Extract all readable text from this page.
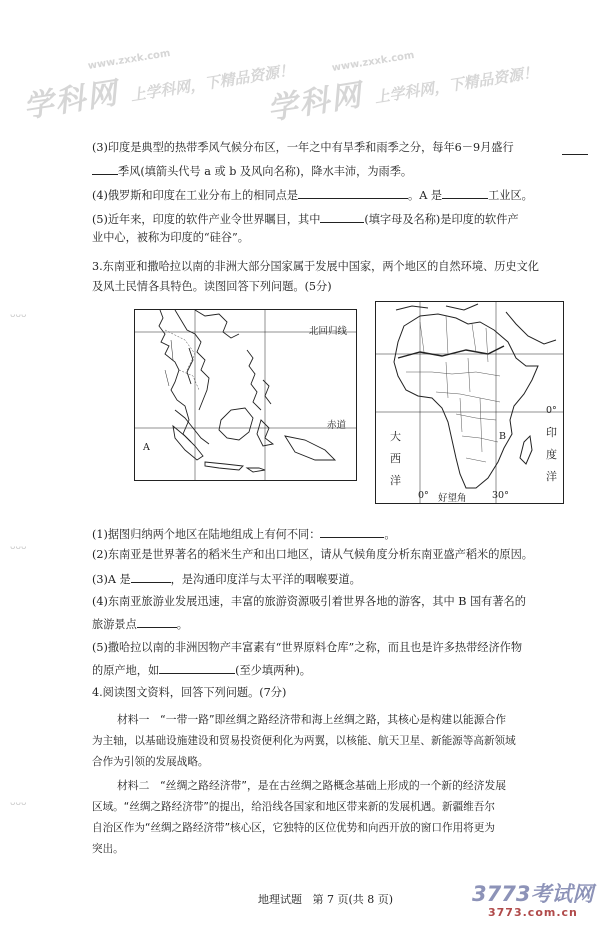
www.zxxk.com
学科网 上学科网，下精品资源！	www.zxxk.com
学科网 上学科网，下精品资源！
ᴗᴗᴗ
ᴗᴗᴗ
ᴗᴗᴗ
(3)印度是典型的热带季风气候分布区，一年之中有旱季和雨季之分，每年6－9月盛行
季风(填箭头代号 a 或 b 及风向名称)，降水丰沛，为雨季。
(4)俄罗斯和印度在工业分布上的相同点是	。A 是	工业区。
(5)近年来，印度的软件产业令世界瞩目，其中	(填字母及名称)是印度的软件产
业中心，被称为印度的“硅谷”。
3.东南亚和撒哈拉以南的非洲大部分国家属于发展中国家，两个地区的自然环境、历史文化
及风土民情各具特色。读图回答下列问题。(5分)
北回归线
赤道
A
B
0°
大
西
洋
印
度
洋
0° 好望角	30°
(1)据图归纳两个地区在陆地组成上有何不同：	。
(2)东南亚是世界著名的稻米生产和出口地区，请从气候角度分析东南亚盛产稻米的原因。
(3)A 是	，是沟通印度洋与太平洋的咽喉要道。
(4)东南亚旅游业发展迅速，丰富的旅游资源吸引着世界各地的游客，其中 B 国有著名的
旅游景点	。
(5)撒哈拉以南的非洲因物产丰富素有“世界原料仓库”之称，而且也是许多热带经济作物
的原产地，如	(至少填两种)。
4.阅读图文资料，回答下列问题。(7分)
材料一　“一带一路”即丝绸之路经济带和海上丝绸之路，其核心是构建以能源合作
为主轴，以基础设施建设和贸易投资便利化为两翼，以核能、航天卫星、新能源等高新领域
合作为引领的发展战略。
材料二　“丝绸之路经济带”，是在古丝绸之路概念基础上形成的一个新的经济发展
区域。“丝绸之路经济带”的提出，给沿线各国家和地区带来新的发展机遇。新疆维吾尔
自治区作为“丝绸之路经济带”核心区，它独特的区位优势和向西开放的窗口作用将更为
突出。
地理试题 第 7 页(共 8 页)	3773考试网
3773.com.cn
